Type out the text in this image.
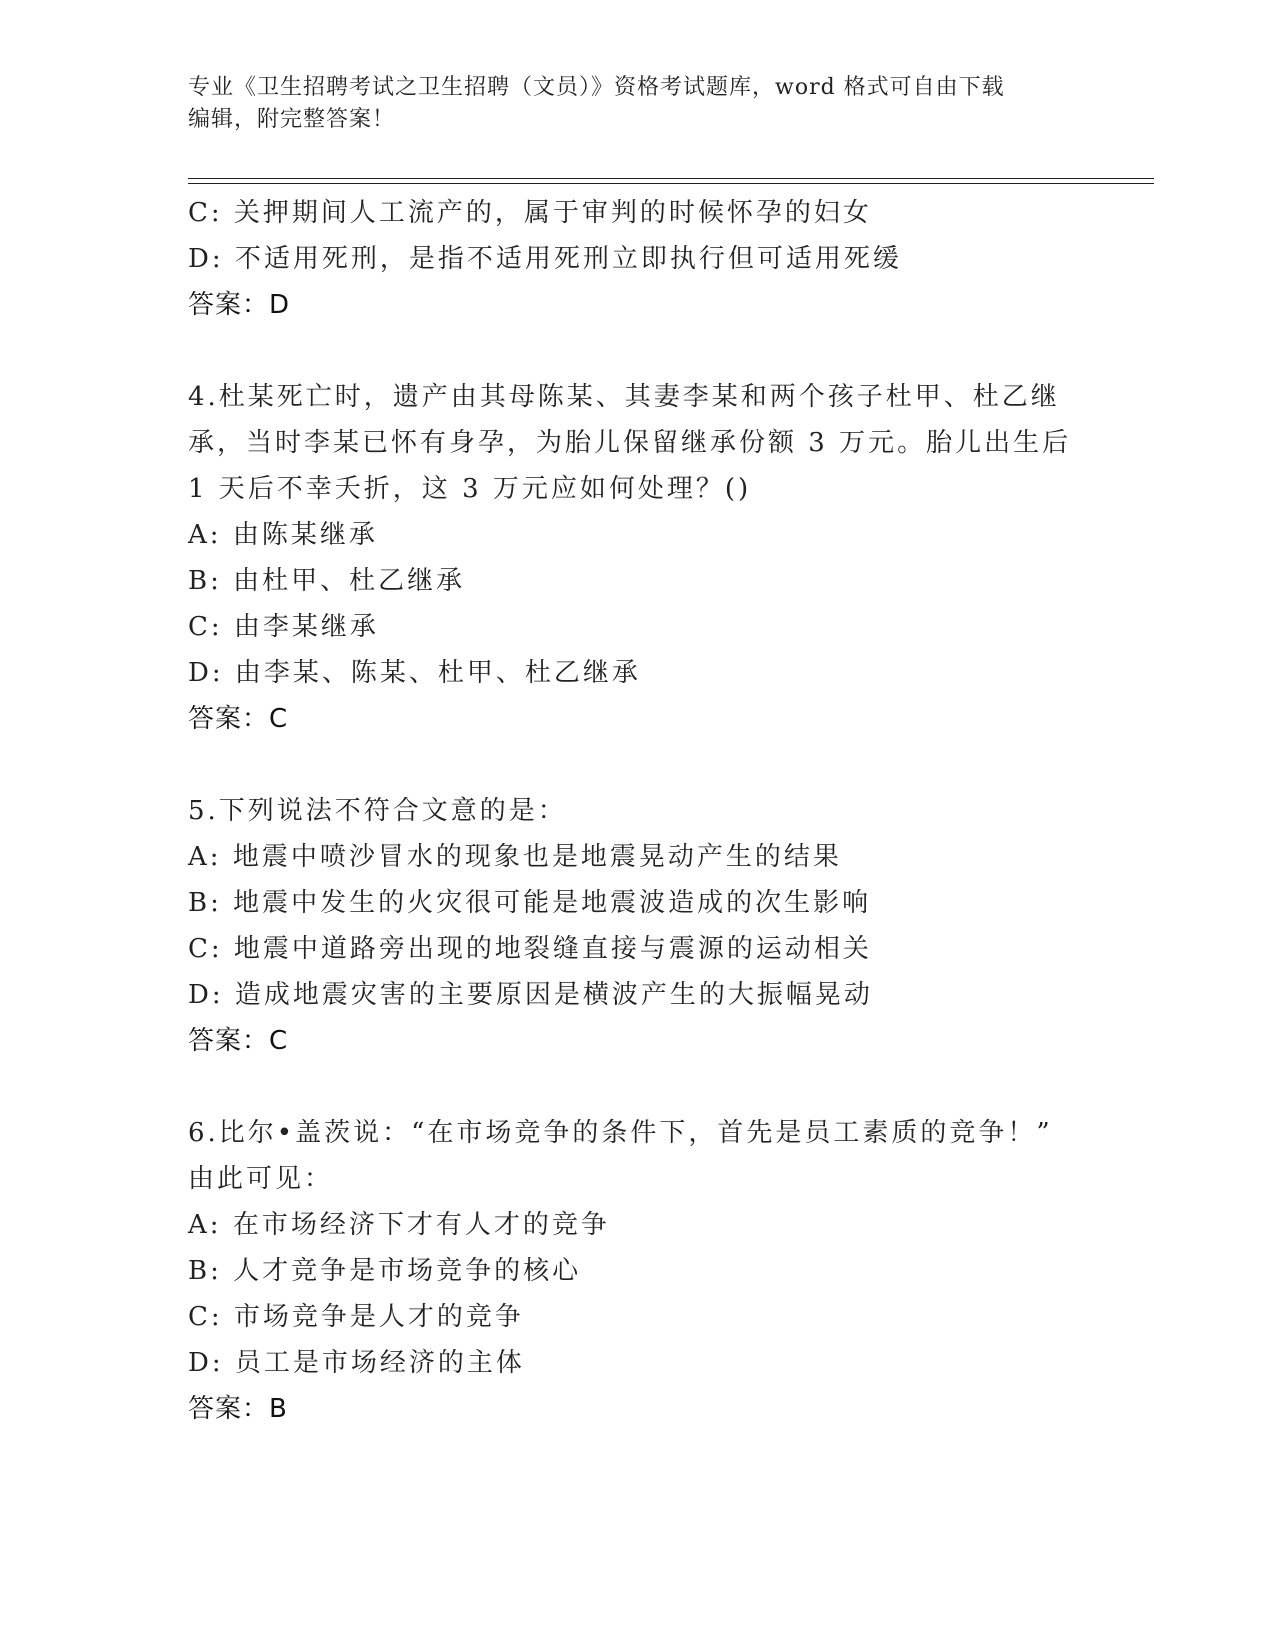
专业《卫生招聘考试之卫生招聘（文员）》资格考试题库，word 格式可自由下载
编辑，附完整答案！
C: 关押期间人工流产的，属于审判的时候怀孕的妇女
D: 不适用死刑，是指不适用死刑立即执行但可适用死缓
答案：D
4.杜某死亡时，遗产由其母陈某、其妻李某和两个孩子杜甲、杜乙继
承，当时李某已怀有身孕，为胎儿保留继承份额 3 万元。胎儿出生后
1 天后不幸夭折，这 3 万元应如何处理？()
A: 由陈某继承
B: 由杜甲、杜乙继承
C: 由李某继承
D: 由李某、陈某、杜甲、杜乙继承
答案：C
5.下列说法不符合文意的是：
A: 地震中喷沙冒水的现象也是地震晃动产生的结果
B: 地震中发生的火灾很可能是地震波造成的次生影响
C: 地震中道路旁出现的地裂缝直接与震源的运动相关
D: 造成地震灾害的主要原因是横波产生的大振幅晃动
答案：C
6.比尔•盖茨说：“在市场竞争的条件下，首先是员工素质的竞争！”
由此可见：
A: 在市场经济下才有人才的竞争
B: 人才竞争是市场竞争的核心
C: 市场竞争是人才的竞争
D: 员工是市场经济的主体
答案：B
